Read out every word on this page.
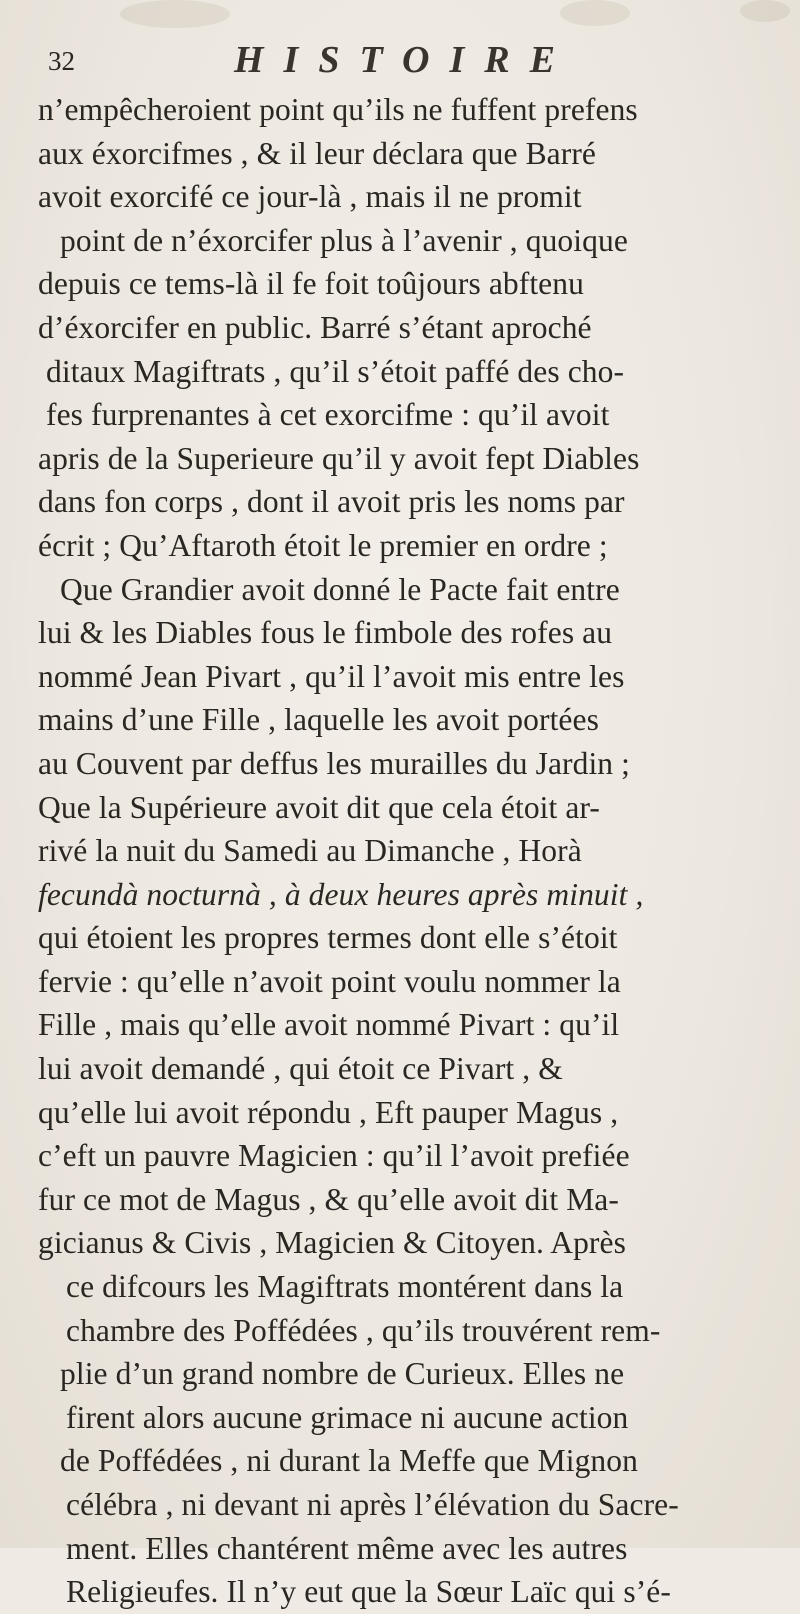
32	HISTOIRE
n’empêcheroient point qu’ils ne fuffent prefens
aux éxorcifmes , & il leur déclara que Barré
avoit exorcifé ce jour-là , mais il ne promit
point de n’éxorcifer plus à l’avenir , quoique
depuis ce tems-là il fe foit toûjours abftenu
d’éxorcifer en public. Barré s’étant aproché
ditaux Magiftrats , qu’il s’étoit paffé des cho-
fes furprenantes à cet exorcifme : qu’il avoit
apris de la Superieure qu’il y avoit fept Diables
dans fon corps , dont il avoit pris les noms par
écrit ; Qu’Aftaroth étoit le premier en ordre ;
Que Grandier avoit donné le Pacte fait entre
lui & les Diables fous le fimbole des rofes au
nommé Jean Pivart , qu’il l’avoit mis entre les
mains d’une Fille , laquelle les avoit portées
au Couvent par deffus les murailles du Jardin ;
Que la Supérieure avoit dit que cela étoit ar-
rivé la nuit du Samedi au Dimanche , Horà
fecundà nocturnà , à deux heures après minuit ,
qui étoient les propres termes dont elle s’étoit
fervie : qu’elle n’avoit point voulu nommer la
Fille , mais qu’elle avoit nommé Pivart : qu’il
lui avoit demandé , qui étoit ce Pivart , &
qu’elle lui avoit répondu , Eft pauper Magus ,
c’eft un pauvre Magicien : qu’il l’avoit prefiée
fur ce mot de Magus , & qu’elle avoit dit Ma-
gicianus & Civis , Magicien & Citoyen. Après
ce difcours les Magiftrats montérent dans la
chambre des Poffédées , qu’ils trouvérent rem-
plie d’un grand nombre de Curieux. Elles ne
firent alors aucune grimace ni aucune action
de Poffédées , ni durant la Meffe que Mignon
célébra , ni devant ni après l’élévation du Sacre-
ment. Elles chantérent même avec les autres
Religieufes. Il n’y eut que la Sœur Laïc qui s’é-
